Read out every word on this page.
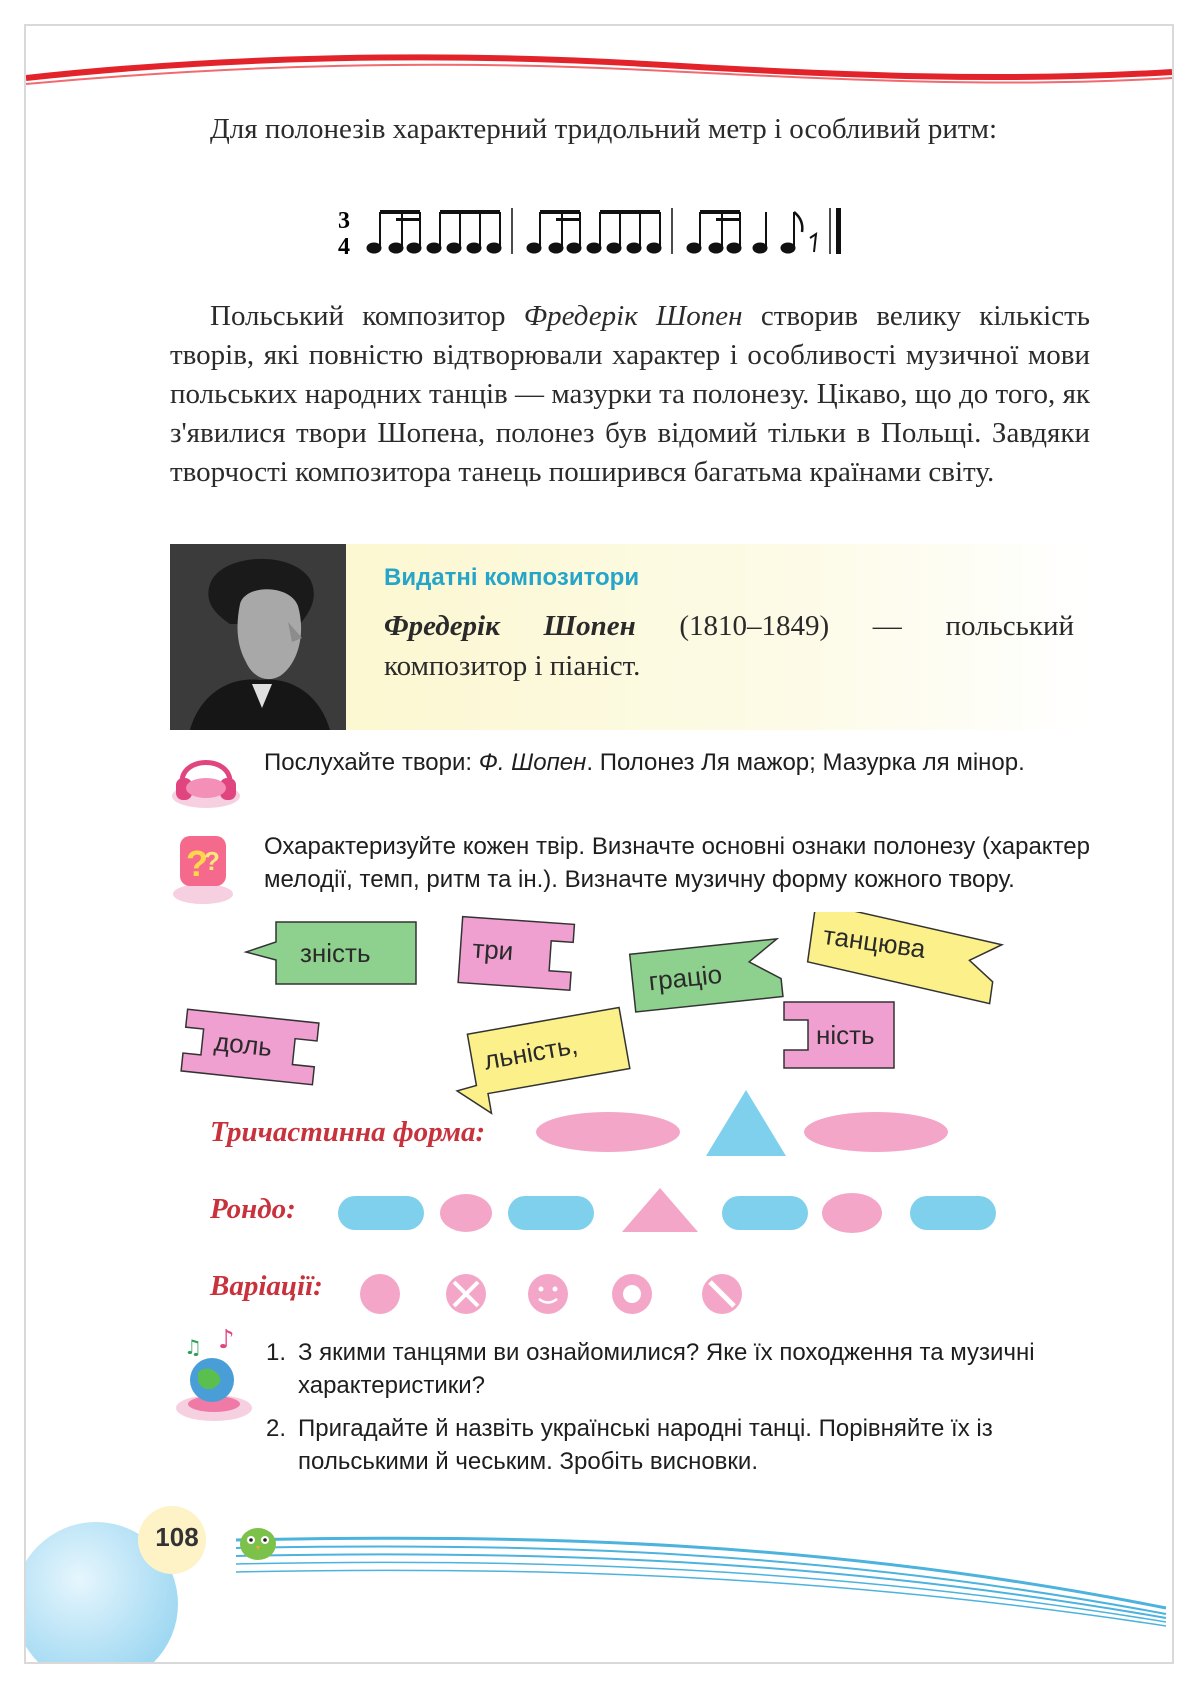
Для полонезів характерний тридольний метр і особливий ритм:

3
4

Польський композитор Фредерік Шопен створив велику кількість творів, які повністю відтворювали характер і особливості музичної мови польських народних танців — мазурки та полонезу. Цікаво, що до того, як з'явилися твори Шопена, полонез був відомий тільки в Польщі. Завдяки творчості композитора танець поширився багатьма країнами світу.

Видатні композитори
Фредерік Шопен (1810–1849) — польський композитор і піаніст.

Послухайте твори: Ф. Шопен. Полонез Ля мажор; Мазурка ля мінор.

?
? Охарактеризуйте кожен твір. Визначте основні ознаки полонезу (характер мелодії, темп, ритм та ін.). Визначте музичну форму кожного твору.

зність	три
граціо
танцюва
доль	льність,	ність
Тричастинна форма:
Рондо:
Варіації:
♪
♫	1. З якими танцями ви ознайомилися? Яке їх походження та музичні характеристики?
2. Пригадайте й назвіть українські народні танці. Порівняйте їх із польськими й чеським. Зробіть висновки.
108
